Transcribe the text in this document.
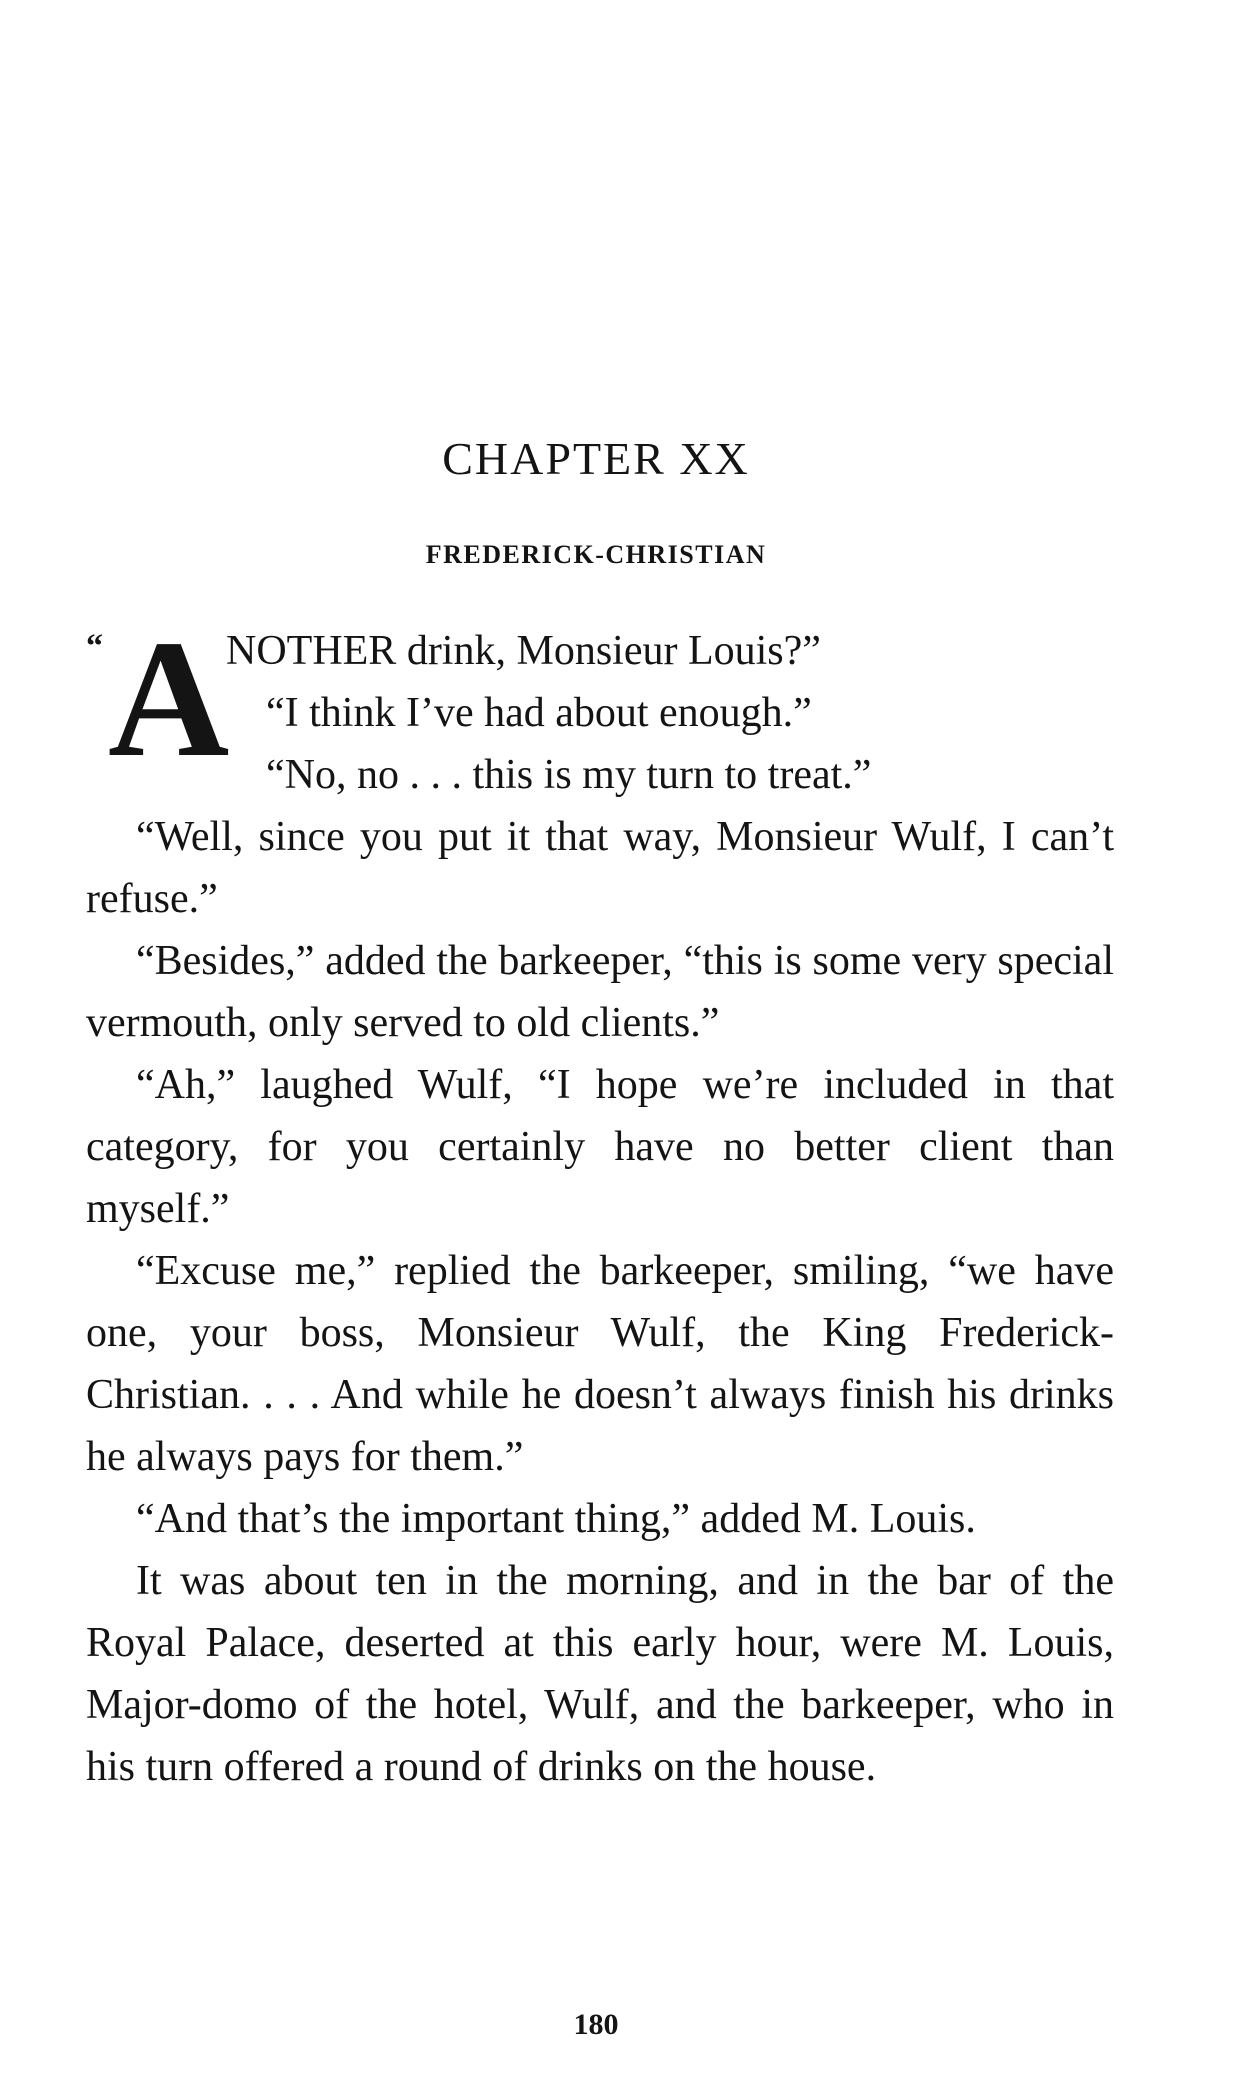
CHAPTER XX
FREDERICK-CHRISTIAN
“ A
NOTHER drink, Monsieur Louis?”
“I think I’ve had about enough.”
“No, no . . . this is my turn to treat.”

“Well, since you put it that way, Monsieur Wulf, I can’t refuse.”

“Besides,” added the barkeeper, “this is some very special vermouth, only served to old clients.”

“Ah,” laughed Wulf, “I hope we’re included in that category, for you certainly have no better client than myself.”

“Excuse me,” replied the barkeeper, smiling, “we have one, your boss, Monsieur Wulf, the King Frederick-Christian. . . . And while he doesn’t always finish his drinks he always pays for them.”

“And that’s the important thing,” added M. Louis.

It was about ten in the morning, and in the bar of the Royal Palace, deserted at this early hour, were M. Louis, Major-domo of the hotel, Wulf, and the barkeeper, who in his turn offered a round of drinks on the house.

180
